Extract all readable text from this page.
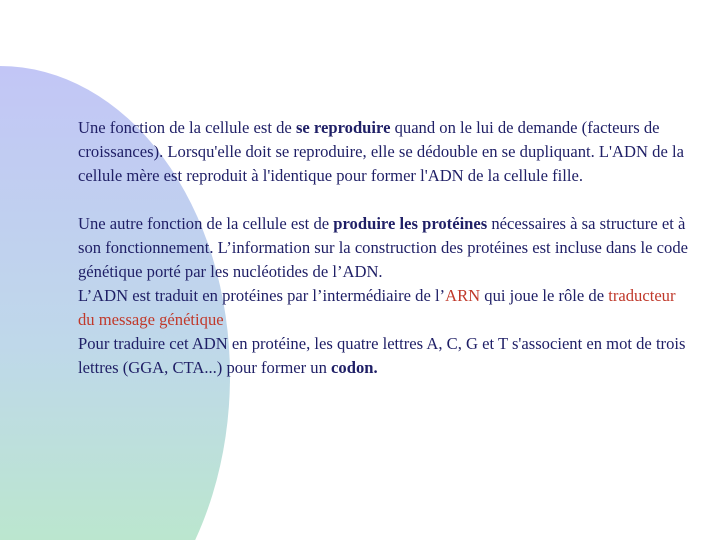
Une fonction de la cellule est de se reproduire quand on le lui de demande (facteurs de croissances). Lorsqu'elle doit se reproduire, elle se dédouble en se dupliquant. L'ADN de la cellule mère est reproduit à l'identique pour former l'ADN de la cellule fille.

Une autre fonction de la cellule est de produire les protéines nécessaires à sa structure et à son fonctionnement. L’information sur la construction des protéines est incluse dans le code génétique porté par les nucléotides de l’ADN.

L’ADN est traduit en protéines par l’intermédiaire de l’ARN qui joue le rôle de traducteur du message génétique

Pour traduire cet ADN en protéine, les quatre lettres A, C, G et T s'associent en mot de trois lettres (GGA, CTA...) pour former un codon.
